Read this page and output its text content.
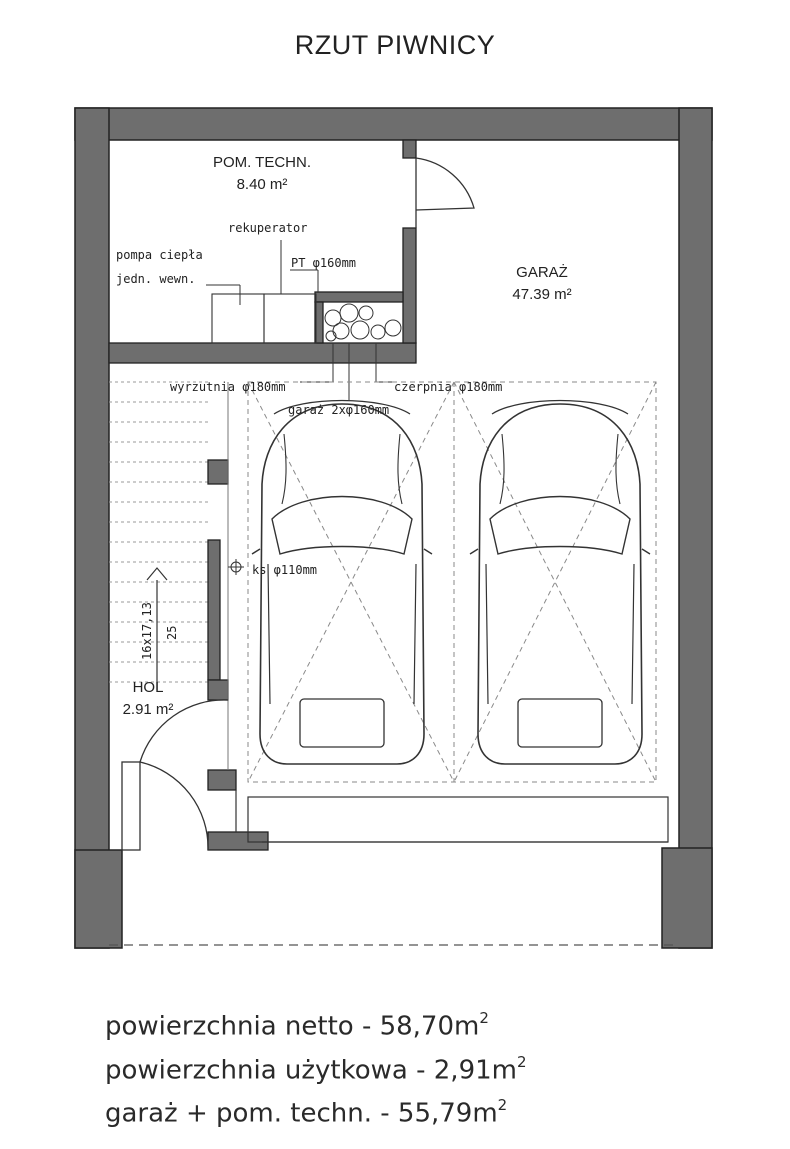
RZUT PIWNICY
POM. TECHN.
8.40 m²
GARAŻ
47.39 m²
HOL
2.91 m²
rekuperator
pompa ciepła
jedn. wewn.
PT φ160mm
wyrzutnia φ180mm	czerpnia φ180mm
garaż 2xφ160mm
ks φ110mm
16x17,13 25
powierzchnia netto - $58,70m^2$
powierzchnia użytkowa - $2,91m^2$
garaż + pom. techn. - $55,79m^2$
